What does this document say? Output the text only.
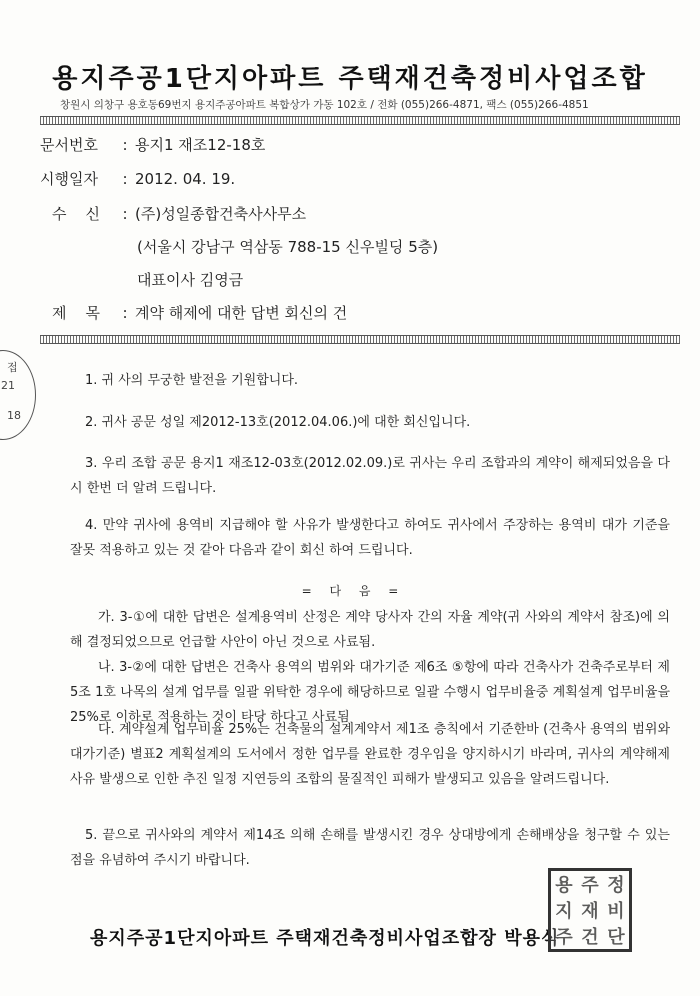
접
21
18
용지주공1단지아파트 주택재건축정비사업조합
창원시 의창구 용호동69번지 용지주공아파트 복합상가 가동 102호 / 전화 (055)266-4871, 팩스 (055)266-4851
문서번호 : 용지1 재조12-18호
시행일자 : 2012. 04. 19.
수    신 : (주)성일종합건축사사무소
(서울시 강남구 역삼동 788-15 신우빌딩 5층)
대표이사 김영금
제    목 : 계약 해제에 대한 답변 회신의 건
1. 귀 사의 무궁한 발전을 기원합니다.
2. 귀사 공문 성일 제2012-13호(2012.04.06.)에 대한 회신입니다.
3. 우리 조합 공문 용지1 재조12-03호(2012.02.09.)로 귀사는 우리 조합과의 계약이 해제되었음을 다시 한번 더 알려 드립니다.
4. 만약 귀사에 용역비 지급해야 할 사유가 발생한다고 하여도 귀사에서 주장하는 용역비 대가 기준을 잘못 적용하고 있는 것 같아 다음과 같이 회신 하여 드립니다.
= 다 음 =
가. 3-①에 대한 답변은 설계용역비 산정은 계약 당사자 간의 자율 계약(귀 사와의 계약서 참조)에 의해 결정되었으므로 언급할 사안이 아닌 것으로 사료됨.
나. 3-②에 대한 답변은 건축사 용역의 범위와 대가기준 제6조 ⑤항에 따라 건축사가 건축주로부터 제5조 1호 나목의 설계 업무를 일괄 위탁한 경우에 해당하므로 일괄 수행시 업무비율중 계획설계 업무비율을 25%로 이하로 적용하는 것이 타당 하다고 사료됨
다. 계약설계 업무비율 25%는 건축물의 설계계약서 제1조 층칙에서 기준한바 (건축사 용역의 범위와 대가기준) 별표2 계획설계의 도서에서 정한 업무를 완료한 경우임을 양지하시기 바라며, 귀사의 계약해제 사유 발생으로 인한 추진 일정 지연등의 조합의 물질적인 피해가 발생되고 있음을 알려드립니다.
5. 끝으로 귀사와의 계약서 제14조 의해 손해를 발생시킨 경우 상대방에게 손해배상을 청구할 수 있는 점을 유념하여 주시기 바랍니다.
용지주공1단지아파트 주택재건축정비사업조합장 박용식
용 주 정
지 재 비
주 건 단
